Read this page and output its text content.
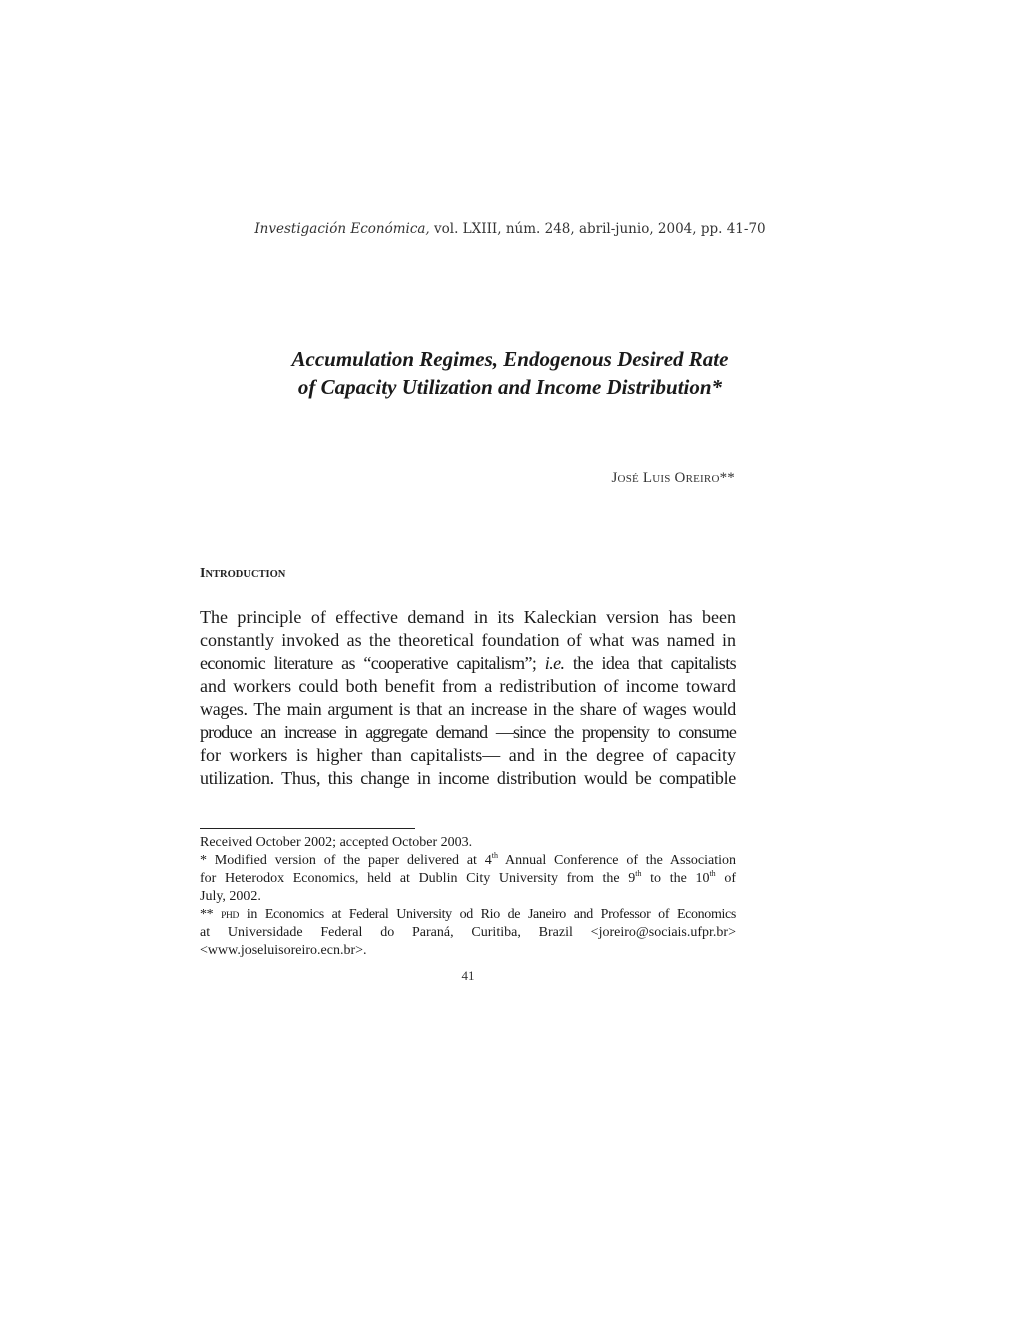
Investigación Económica, vol. LXIII, núm. 248, abril-junio, 2004, pp. 41-70
Accumulation Regimes, Endogenous Desired Rate
of Capacity Utilization and Income Distribution*
JOSÉ LUIS OREIRO**
INTRODUCTION
The principle of effective demand in its Kaleckian version has been
constantly invoked as the theoretical foundation of what was named in
economic literature as “cooperative capitalism”; i.e. the idea that capitalists
and workers could both benefit from a redistribution of income toward
wages. The main argument is that an increase in the share of wages would
produce an increase in aggregate demand —since the propensity to consume
for workers is higher than capitalists— and in the degree of capacity
utilization. Thus, this change in income distribution would be compatible
Received October 2002; accepted October 2003.
* Modified version of the paper delivered at 4th Annual Conference of the Association
for Heterodox Economics, held at Dublin City University from the 9th to the 10th of
July, 2002.
** PHD in Economics at Federal University od Rio de Janeiro and Professor of Economics
at Universidade Federal do Paraná, Curitiba, Brazil <joreiro@sociais.ufpr.br>
<www.joseluisoreiro.ecn.br>.
41
